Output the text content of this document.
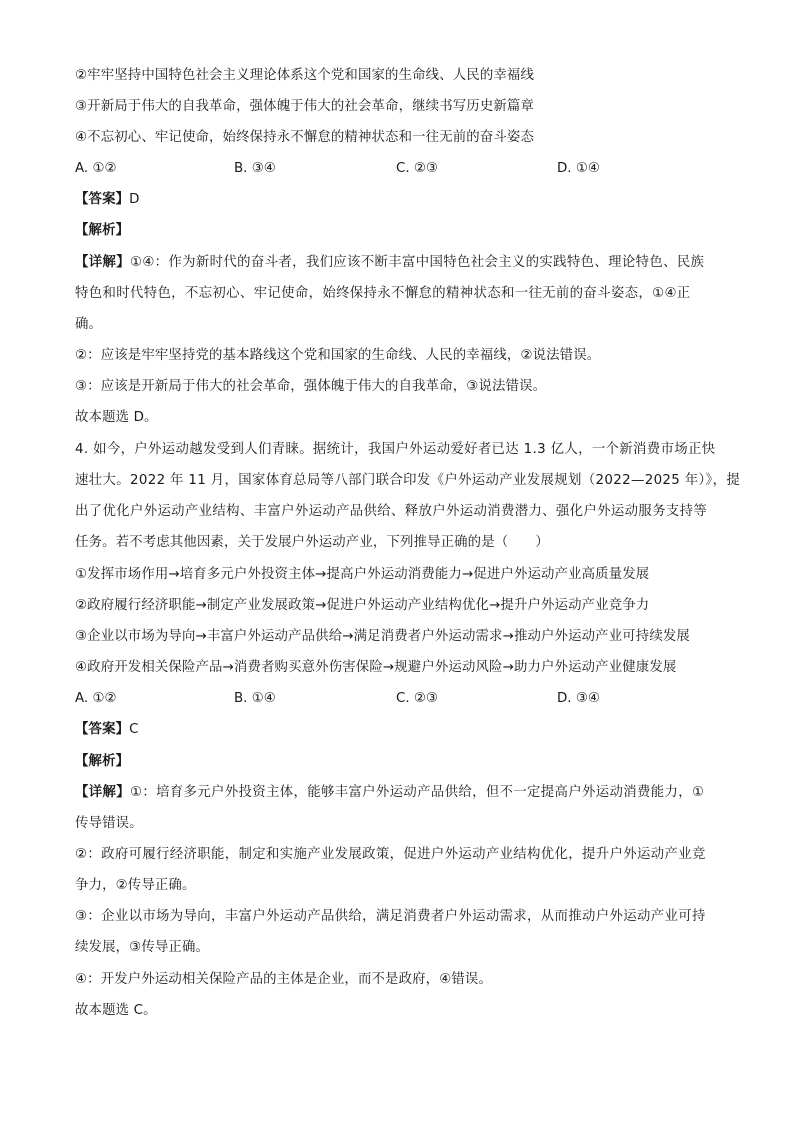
②牢牢坚持中国特色社会主义理论体系这个党和国家的生命线、人民的幸福线
③开新局于伟大的自我革命，强体魄于伟大的社会革命，继续书写历史新篇章
④不忘初心、牢记使命，始终保持永不懈怠的精神状态和一往无前的奋斗姿态
A. ①②	B. ③④	C. ②③	D. ①④
【答案】D
【解析】
【详解】①④：作为新时代的奋斗者，我们应该不断丰富中国特色社会主义的实践特色、理论特色、民族
特色和时代特色，不忘初心、牢记使命，始终保持永不懈怠的精神状态和一往无前的奋斗姿态，①④正
确。
②：应该是牢牢坚持党的基本路线这个党和国家的生命线、人民的幸福线，②说法错误。
③：应该是开新局于伟大的社会革命，强体魄于伟大的自我革命，③说法错误。
故本题选 D。
4. 如今，户外运动越发受到人们青睐。据统计，我国户外运动爱好者已达 1.3 亿人，一个新消费市场正快
速壮大。2022 年 11 月，国家体育总局等八部门联合印发《户外运动产业发展规划（2022—2025 年）》，提
出了优化户外运动产业结构、丰富户外运动产品供给、释放户外运动消费潜力、强化户外运动服务支持等
任务。若不考虑其他因素，关于发展户外运动产业，下列推导正确的是（　　）
①发挥市场作用→培育多元户外投资主体→提高户外运动消费能力→促进户外运动产业高质量发展
②政府履行经济职能→制定产业发展政策→促进户外运动产业结构优化→提升户外运动产业竞争力
③企业以市场为导向→丰富户外运动产品供给→满足消费者户外运动需求→推动户外运动产业可持续发展
④政府开发相关保险产品→消费者购买意外伤害保险→规避户外运动风险→助力户外运动产业健康发展
A. ①②	B. ①④	C. ②③	D. ③④
【答案】C
【解析】
【详解】①：培育多元户外投资主体，能够丰富户外运动产品供给，但不一定提高户外运动消费能力，①
传导错误。
②：政府可履行经济职能，制定和实施产业发展政策，促进户外运动产业结构优化，提升户外运动产业竞
争力，②传导正确。
③：企业以市场为导向，丰富户外运动产品供给，满足消费者户外运动需求，从而推动户外运动产业可持
续发展，③传导正确。
④：开发户外运动相关保险产品的主体是企业，而不是政府，④错误。
故本题选 C。
